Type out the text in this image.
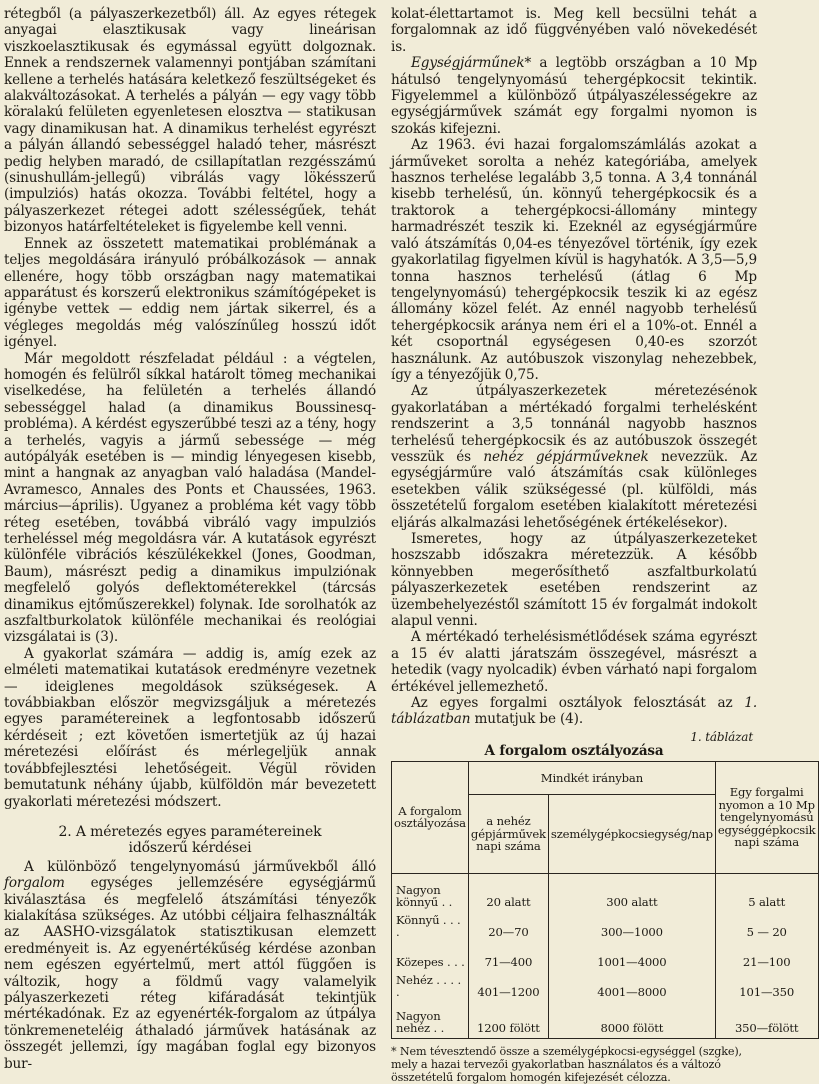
rétegből (a pályaszerkezetből) áll. Az egyes rétegek anyagai elasztikusak vagy lineárisan viszkoelasztikusak és egymással együtt dolgoznak. Ennek a rendszernek valamennyi pontjában számítani kellene a terhelés hatására keletkező feszültségeket és alakváltozásokat. A terhelés a pályán — egy vagy több köralakú felületen egyenletesen elosztva — statikusan vagy dinamikusan hat. A dinamikus terhelést egyrészt a pályán állandó sebességgel haladó teher, másrészt pedig helyben maradó, de csillapítatlan rezgésszámú (sinushullám-jellegű) vibrálás vagy lökésszerű (impulziós) hatás okozza. További feltétel, hogy a pályaszerkezet rétegei adott szélességűek, tehát bizonyos határfeltételeket is figyelembe kell venni.

Ennek az összetett matematikai problémának a teljes megoldására irányuló próbálkozások — annak ellenére, hogy több országban nagy matematikai apparátust és korszerű elektronikus számítógépeket is igénybe vettek — eddig nem jártak sikerrel, és a végleges megoldás még valószínűleg hosszú időt igényel.

Már megoldott részfeladat például : a végtelen, homogén és felülről síkkal határolt tömeg mechanikai viselkedése, ha felületén a terhelés állandó sebességgel halad (a dinamikus Boussinesq-probléma). A kérdést egyszerűbbé teszi az a tény, hogy a terhelés, vagyis a jármű sebessége — még autópályák esetében is — mindig lényegesen kisebb, mint a hangnak az anyagban való haladása (Mandel-Avramesco, Annales des Ponts et Chaussées, 1963. március—április). Ugyanez a probléma két vagy több réteg esetében, továbbá vibráló vagy impulziós terheléssel még megoldásra vár. A kutatások egyrészt különféle vibrációs készülékekkel (Jones, Goodman, Baum), másrészt pedig a dinamikus impulziónak megfelelő golyós deflektométerekkel (tárcsás dinamikus ejtőműszerekkel) folynak. Ide sorolhatók az aszfaltburkolatok különféle mechanikai és reológiai vizsgálatai is (3).

A gyakorlat számára — addig is, amíg ezek az elméleti matematikai kutatások eredményre vezetnek — ideiglenes megoldások szükségesek. A továbbiakban először megvizsgáljuk a méretezés egyes paramétereinek a legfontosabb időszerű kérdéseit ; ezt követően ismertetjük az új hazai méretezési előírást és mérlegeljük annak továbbfejlesztési lehetőségeit. Végül röviden bemutatunk néhány újabb, külföldön már bevezetett gyakorlati méretezési módszert.

2. A méretezés egyes paramétereinek
időszerű kérdései

A különböző tengelynyomású járművekből álló forgalom egységes jellemzésére egységjármű kiválasztása és megfelelő átszámítási tényezők kialakítása szükséges. Az utóbbi céljaira felhasználták az AASHO-vizsgálatok statisztikusan elemzett eredményeit is. Az egyenértékűség kérdése azonban nem egészen egyértelmű, mert attól függően is változik, hogy a földmű vagy valamelyik pályaszerkezeti réteg kifáradását tekintjük mértékadónak. Ez az egyenérték-forgalom az útpálya tönkremeneteléig áthaladó járművek hatásának az összegét jellemzi, így magában foglal egy bizonyos bur-

kolat-élettartamot is. Meg kell becsülni tehát a forgalomnak az idő függvényében való növekedését is.

Egységjárműnek* a legtöbb országban a 10 Mp hátulsó tengelynyomású tehergépkocsit tekintik. Figyelemmel a különböző útpályaszélességekre az egységjárművek számát egy forgalmi nyomon is szokás kifejezni.

Az 1963. évi hazai forgalomszámlálás azokat a járműveket sorolta a nehéz kategóriába, amelyek hasznos terhelése legalább 3,5 tonna. A 3,4 tonnánál kisebb terhelésű, ún. könnyű tehergépkocsik és a traktorok a tehergépkocsi-állomány mintegy harmadrészét teszik ki. Ezeknél az egységjárműre való átszámítás 0,04-es tényezővel történik, így ezek gyakorlatilag figyelmen kívül is hagyhatók. A 3,5—5,9 tonna hasznos terhelésű (átlag 6 Mp tengelynyomású) tehergépkocsik teszik ki az egész állomány közel felét. Az ennél nagyobb terhelésű tehergépkocsik aránya nem éri el a 10%-ot. Ennél a két csoportnál egységesen 0,40-es szorzót használunk. Az autóbuszok viszonylag nehezebbek, így a tényezőjük 0,75.

Az útpályaszerkezetek méretezésénok gyakorlatában a mértékadó forgalmi terhelésként rendszerint a 3,5 tonnánál nagyobb hasznos terhelésű tehergépkocsik és az autóbuszok összegét vesszük és nehéz gépjárműveknek nevezzük. Az egységjárműre való átszámítás csak különleges esetekben válik szükségessé (pl. külföldi, más összetételű forgalom esetében kialakított méretezési eljárás alkalmazási lehetőségének értékelésekor).

Ismeretes, hogy az útpályaszerkezeteket hoszszabb időszakra méretezzük. A később könnyebben megerősíthető aszfaltburkolatú pályaszerkezetek esetében rendszerint az üzembehelyezéstől számított 15 év forgalmát indokolt alapul venni.

A mértékadó terhelésismétlődések száma egyrészt a 15 év alatti járatszám összegével, másrészt a hetedik (vagy nyolcadik) évben várható napi forgalom értékével jellemezhető.

Az egyes forgalmi osztályok felosztását az 1. táblázatban mutatjuk be (4).

1. táblázat
A forgalom osztályozása
A forgalom osztályozása	Mindkét irányban		Egy forgalmi nyomon a 10 Mp tengelynyomású egységgépkocsik napi száma
	a nehéz gépjárművek napi száma	személygépkocsiegység/nap	
Nagyon könnyű . .	20 alatt	300 alatt	5 alatt
Könnyű . . . .	20—70	300—1000	5 — 20
Közepes . . .	71—400	1001—4000	21—100
Nehéz . . . . .	401—1200	4001—8000	101—350
Nagyon nehéz . .	1200 fölött	8000 fölött	350—fölött
* Nem tévesztendő össze a személygépkocsi-egységgel (szgke), mely a hazai tervezői gyakorlatban használatos és a változó összetételű forgalom homogén kifejezését célozza.
